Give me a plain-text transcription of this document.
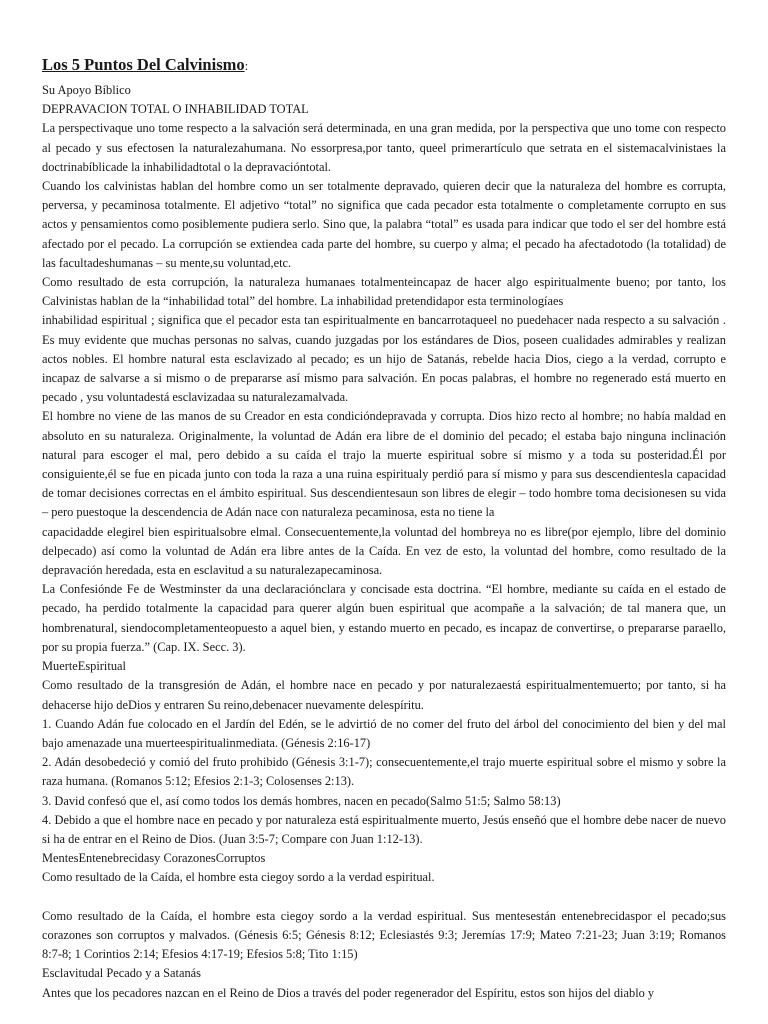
Los 5 Puntos Del Calvinismo:

Su Apoyo Bíblico

DEPRAVACION TOTAL O INHABILIDAD TOTAL

La perspectivaque uno tome respecto a la salvación será determinada, en una gran medida, por la perspectiva que uno tome con respecto al pecado y sus efectosen la naturalezahumana. No essorpresa,por tanto, queel primerartículo que setrata en el sistemacalvinistaes la doctrinabíblicade la inhabilidadtotal o la depravacióntotal.

Cuando los calvinistas hablan del hombre como un ser totalmente depravado, quieren decir que la naturaleza del hombre es corrupta, perversa, y pecaminosa totalmente. El adjetivo “total” no significa que cada pecador esta totalmente o completamente corrupto en sus actos y pensamientos como posiblemente pudiera serlo. Sino que, la palabra “total” es usada para indicar que todo el ser del hombre está afectado por el pecado. La corrupción se extiendea cada parte del hombre, su cuerpo y alma; el pecado ha afectadotodo (la totalidad) de las facultadeshumanas – su mente,su voluntad,etc.

Como resultado de esta corrupción, la naturaleza humanaes totalmenteincapaz de hacer algo espiritualmente bueno; por tanto, los Calvinistas hablan de la “inhabilidad total” del hombre. La inhabilidad pretendidapor esta terminologíaes

inhabilidad espiritual ; significa que el pecador esta tan espiritualmente en bancarrotaqueel no puedehacer nada respecto a su salvación . Es muy evidente que muchas personas no salvas, cuando juzgadas por los estándares de Dios, poseen cualidades admirables y realizan actos nobles. El hombre natural esta esclavizado al pecado; es un hijo de Satanás, rebelde hacia Dios, ciego a la verdad, corrupto e incapaz de salvarse a si mismo o de prepararse así mismo para salvación. En pocas palabras, el hombre no regenerado está muerto en pecado , ysu voluntadestá esclavizadaa su naturalezamalvada.

El hombre no viene de las manos de su Creador en esta condicióndepravada y corrupta. Dios hizo recto al hombre; no había maldad en absoluto en su naturaleza. Originalmente, la voluntad de Adán era libre de el dominio del pecado; el estaba bajo ninguna inclinación natural para escoger el mal, pero debido a su caída el trajo la muerte espiritual sobre sí mismo y a toda su posteridad.Él por consiguiente,él se fue en picada junto con toda la raza a una ruina espiritualy perdió para sí mismo y para sus descendientesla capacidad de tomar decisiones correctas en el ámbito espiritual. Sus descendientesaun son libres de elegir – todo hombre toma decisionesen su vida – pero puestoque la descendencia de Adán nace con naturaleza pecaminosa, esta no tiene la

capacidadde elegirel bien espiritualsobre elmal. Consecuentemente,la voluntad del hombreya no es libre(por ejemplo, libre del dominio delpecado) así como la voluntad de Adán era libre antes de la Caída. En vez de esto, la voluntad del hombre, como resultado de la depravación heredada, esta en esclavitud a su naturalezapecaminosa.

La Confesiónde Fe de Westminster da una declaraciónclara y concisade esta doctrina. “El hombre, mediante su caída en el estado de pecado, ha perdido totalmente la capacidad para querer algún buen espiritual que acompañe a la salvación; de tal manera que, un hombrenatural, siendocompletamenteopuesto a aquel bien, y estando muerto en pecado, es incapaz de convertirse, o prepararse paraello, por su propia fuerza.” (Cap. IX. Secc. 3).

MuerteEspiritual

Como resultado de la transgresión de Adán, el hombre nace en pecado y por naturalezaestá espiritualmentemuerto; por tanto, si ha dehacerse hijo deDios y entraren Su reino,debenacer nuevamente delespíritu.

1. Cuando Adán fue colocado en el Jardín del Edén, se le advirtió de no comer del fruto del árbol del conocimiento del bien y del mal bajo amenazade una muerteespiritualinmediata. (Génesis 2:16-17)

2. Adán desobedeció y comió del fruto prohibido (Génesis 3:1-7); consecuentemente,el trajo muerte espiritual sobre el mismo y sobre la raza humana. (Romanos 5:12; Efesios 2:1-3; Colosenses 2:13).

3. David confesó que el, así como todos los demás hombres, nacen en pecado(Salmo 51:5; Salmo 58:13)

4. Debido a que el hombre nace en pecado y por naturaleza está espiritualmente muerto, Jesús enseñó que el hombre debe nacer de nuevo si ha de entrar en el Reino de Dios. (Juan 3:5-7; Compare con Juan 1:12-13).

MentesEntenebrecidasy CorazonesCorruptos

Como resultado de la Caída, el hombre esta ciegoy sordo a la verdad espiritual.

Como resultado de la Caída, el hombre esta ciegoy sordo a la verdad espiritual. Sus mentesestán entenebrecidaspor el pecado;sus corazones son corruptos y malvados. (Génesis 6:5; Génesis 8:12; Eclesiastés 9:3; Jeremías 17:9; Mateo 7:21-23; Juan 3:19; Romanos 8:7-8; 1 Corintios 2:14; Efesios 4:17-19; Efesios 5:8; Tito 1:15)

Esclavitudal Pecado y a Satanás

Antes que los pecadores nazcan en el Reino de Dios a través del poder regenerador del Espíritu, estos son hijos del diablo y
